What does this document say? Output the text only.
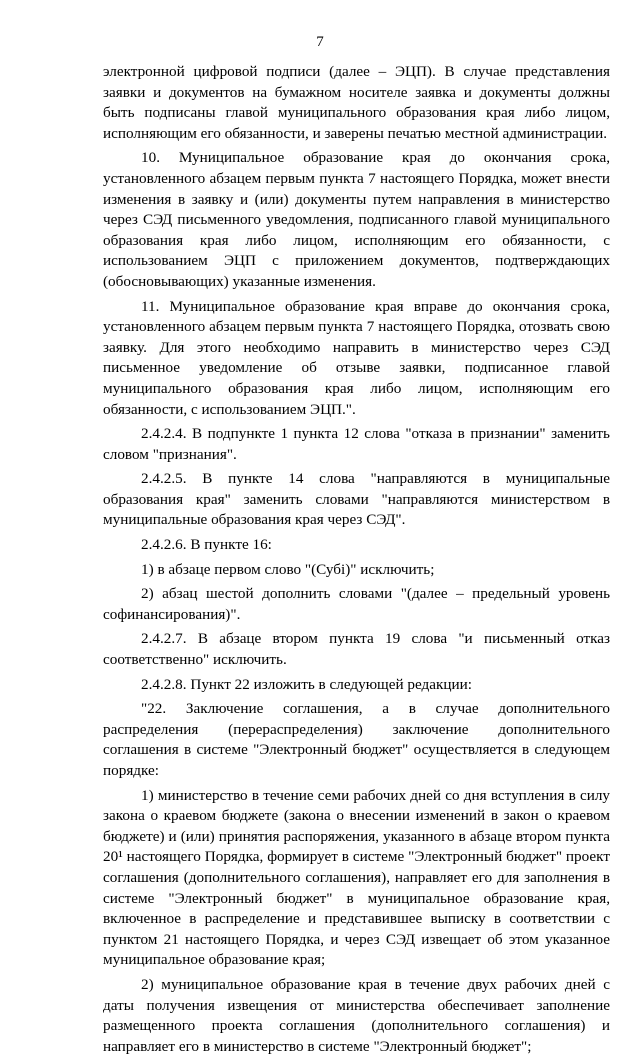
7

электронной цифровой подписи (далее – ЭЦП). В случае представления заявки и документов на бумажном носителе заявка и документы должны быть подписаны главой муниципального образования края либо лицом, исполняющим его обязанности, и заверены печатью местной администрации.

10. Муниципальное образование края до окончания срока, установленного абзацем первым пункта 7 настоящего Порядка, может внести изменения в заявку и (или) документы путем направления в министерство через СЭД письменного уведомления, подписанного главой муниципального образования края либо лицом, исполняющим его обязанности, с использованием ЭЦП с приложением документов, подтверждающих (обосновывающих) указанные изменения.

11. Муниципальное образование края вправе до окончания срока, установленного абзацем первым пункта 7 настоящего Порядка, отозвать свою заявку. Для этого необходимо направить в министерство через СЭД письменное уведомление об отзыве заявки, подписанное главой муниципального образования края либо лицом, исполняющим его обязанности, с использованием ЭЦП.".

2.4.2.4. В подпункте 1 пункта 12 слова "отказа в признании" заменить словом "признания".

2.4.2.5. В пункте 14 слова "направляются в муниципальные образования края" заменить словами "направляются министерством в муниципальные образования края через СЭД".

2.4.2.6. В пункте 16:

1) в абзаце первом слово "(Субi)" исключить;

2) абзац шестой дополнить словами "(далее – предельный уровень софинансирования)".

2.4.2.7. В абзаце втором пункта 19 слова "и письменный отказ соответственно" исключить.

2.4.2.8. Пункт 22 изложить в следующей редакции:

"22. Заключение соглашения, а в случае дополнительного распределения (перераспределения) заключение дополнительного соглашения в системе "Электронный бюджет" осуществляется в следующем порядке:

1) министерство в течение семи рабочих дней со дня вступления в силу закона о краевом бюджете (закона о внесении изменений в закон о краевом бюджете) и (или) принятия распоряжения, указанного в абзаце втором пункта 20¹ настоящего Порядка, формирует в системе "Электронный бюджет" проект соглашения (дополнительного соглашения), направляет его для заполнения в системе "Электронный бюджет" в муниципальное образование края, включенное в распределение и представившее выписку в соответствии с пунктом 21 настоящего Порядка, и через СЭД извещает об этом указанное муниципальное образование края;

2) муниципальное образование края в течение двух рабочих дней с даты получения извещения от министерства обеспечивает заполнение размещенного проекта соглашения (дополнительного соглашения) и направляет его в министерство в системе "Электронный бюджет";
